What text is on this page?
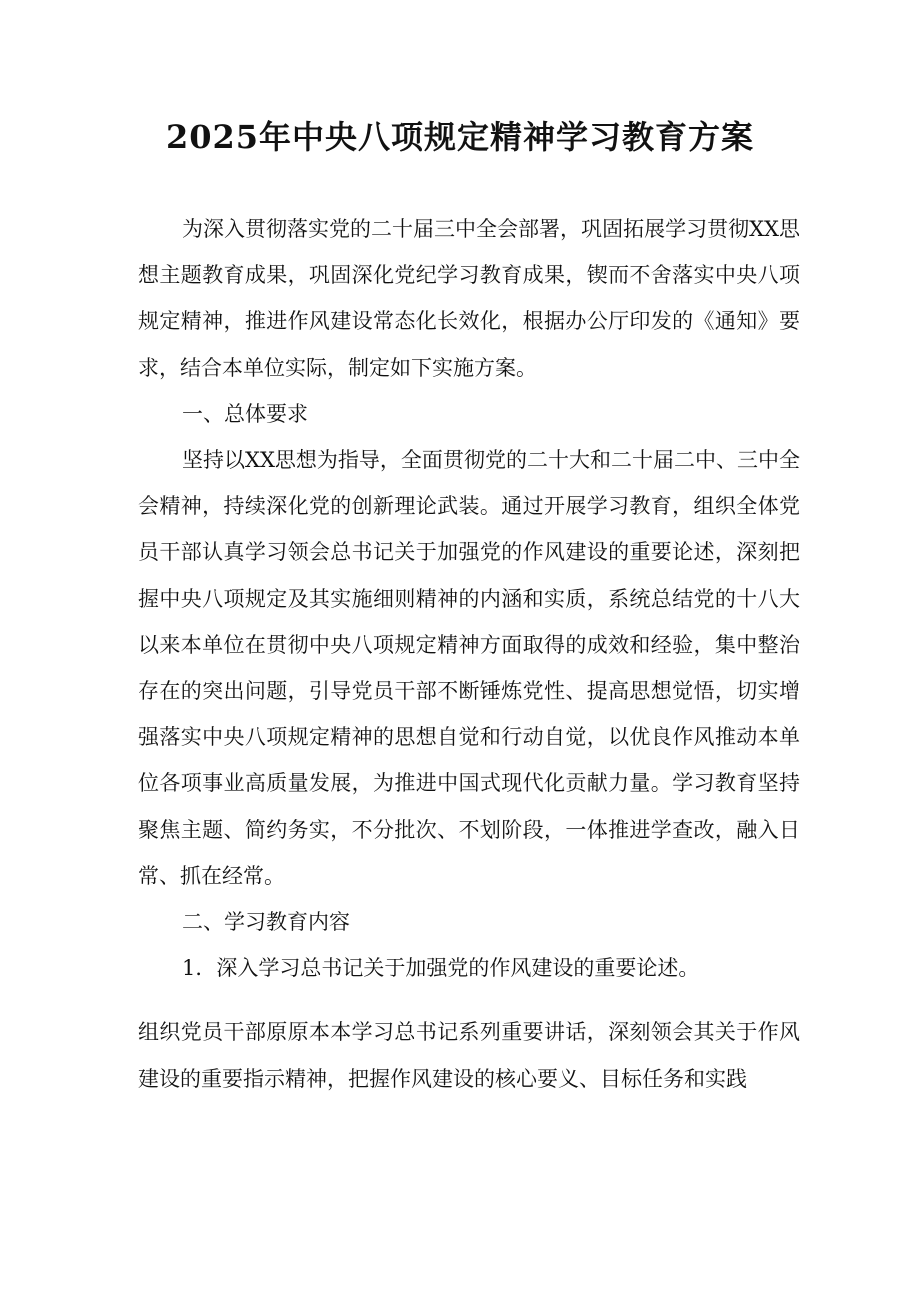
2025年中央八项规定精神学习教育方案

为深入贯彻落实党的二十届三中全会部署，巩固拓展学习贯彻XX思想主题教育成果，巩固深化党纪学习教育成果，锲而不舍落实中央八项规定精神，推进作风建设常态化长效化，根据办公厅印发的《通知》要求，结合本单位实际，制定如下实施方案。

一、总体要求

坚持以XX思想为指导，全面贯彻党的二十大和二十届二中、三中全会精神，持续深化党的创新理论武装。通过开展学习教育，组织全体党员干部认真学习领会总书记关于加强党的作风建设的重要论述，深刻把握中央八项规定及其实施细则精神的内涵和实质，系统总结党的十八大以来本单位在贯彻中央八项规定精神方面取得的成效和经验，集中整治存在的突出问题，引导党员干部不断锤炼党性、提高思想觉悟，切实增强落实中央八项规定精神的思想自觉和行动自觉，以优良作风推动本单位各项事业高质量发展，为推进中国式现代化贡献力量。学习教育坚持聚焦主题、简约务实，不分批次、不划阶段，一体推进学查改，融入日常、抓在经常。

二、学习教育内容

1．深入学习总书记关于加强党的作风建设的重要论述。

组织党员干部原原本本学习总书记系列重要讲话，深刻领会其关于作风建设的重要指示精神，把握作风建设的核心要义、目标任务和实践
